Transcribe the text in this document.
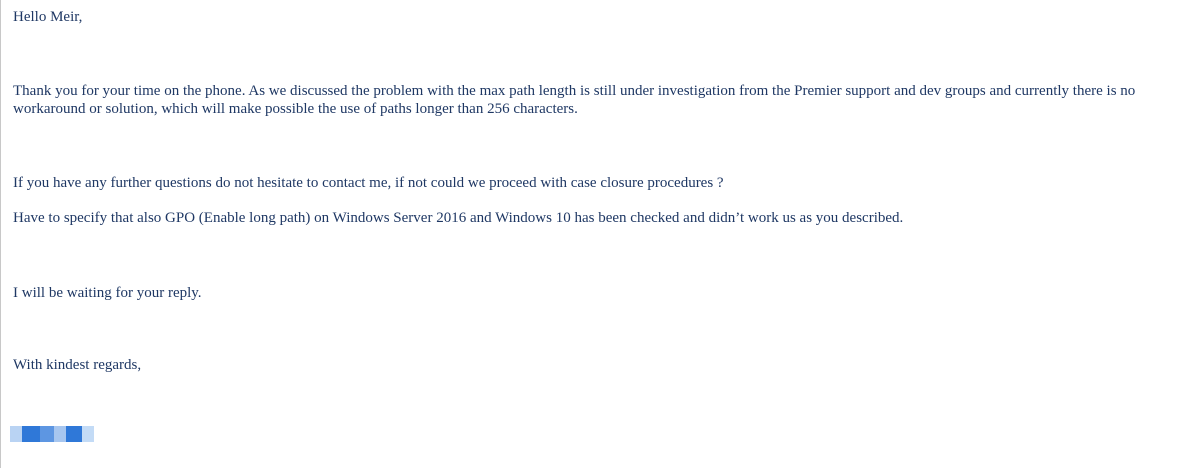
Hello Meir,
Thank you for your time on the phone. As we discussed the problem with the max path length is still under investigation from the Premier support and dev groups and currently there is no workaround or solution, which will make possible the use of paths longer than 256 characters.
If you have any further questions do not hesitate to contact me, if not could we proceed with case closure procedures ?
Have to specify that also GPO (Enable long path) on Windows Server 2016 and Windows 10 has been checked and didn’t work us as you described.
I will be waiting for your reply.
With kindest regards,
